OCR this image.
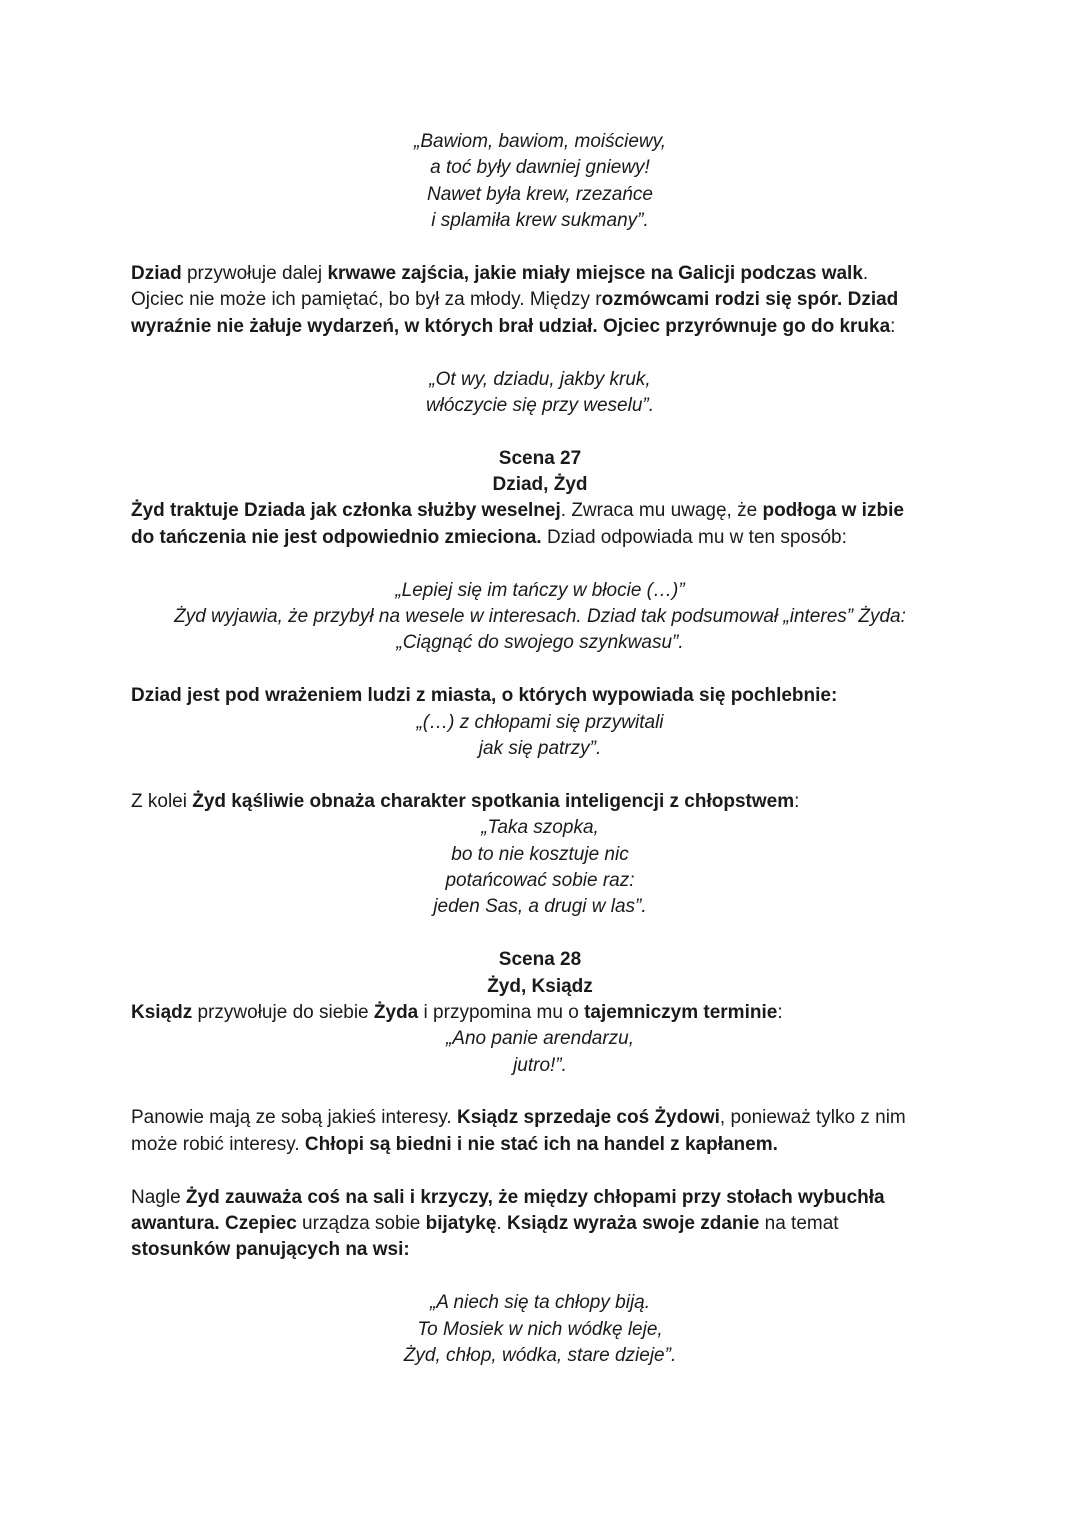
„Bawiom, bawiom, moiściewy,

a toć były dawniej gniewy!

Nawet była krew, rzezańce

i splamiła krew sukmany”.

Dziad przywołuje dalej krwawe zajścia, jakie miały miejsce na Galicji podczas walk.

Ojciec nie może ich pamiętać, bo był za młody. Między rozmówcami rodzi się spór. Dziad

wyraźnie nie żałuje wydarzeń, w których brał udział. Ojciec przyrównuje go do kruka:

„Ot wy, dziadu, jakby kruk,

włóczycie się przy weselu”.

Scena 27

Dziad, Żyd

Żyd traktuje Dziada jak członka służby weselnej. Zwraca mu uwagę, że podłoga w izbie

do tańczenia nie jest odpowiednio zmieciona. Dziad odpowiada mu w ten sposób:

„Lepiej się im tańczy w błocie (…)”

Żyd wyjawia, że przybył na wesele w interesach. Dziad tak podsumował „interes” Żyda:

„Ciągnąć do swojego szynkwasu”.

Dziad jest pod wrażeniem ludzi z miasta, o których wypowiada się pochlebnie:

„(…) z chłopami się przywitali

jak się patrzy”.

Z kolei Żyd kąśliwie obnaża charakter spotkania inteligencji z chłopstwem:

„Taka szopka,

bo to nie kosztuje nic

potańcować sobie raz:

jeden Sas, a drugi w las”.

Scena 28

Żyd, Ksiądz

Ksiądz przywołuje do siebie Żyda i przypomina mu o tajemniczym terminie:

„Ano panie arendarzu,

jutro!”.

Panowie mają ze sobą jakieś interesy. Ksiądz sprzedaje coś Żydowi, ponieważ tylko z nim

może robić interesy. Chłopi są biedni i nie stać ich na handel z kapłanem.

Nagle Żyd zauważa coś na sali i krzyczy, że między chłopami przy stołach wybuchła

awantura. Czepiec urządza sobie bijatykę. Ksiądz wyraża swoje zdanie na temat

stosunków panujących na wsi:

„A niech się ta chłopy biją.

To Mosiek w nich wódkę leje,

Żyd, chłop, wódka, stare dzieje”.
